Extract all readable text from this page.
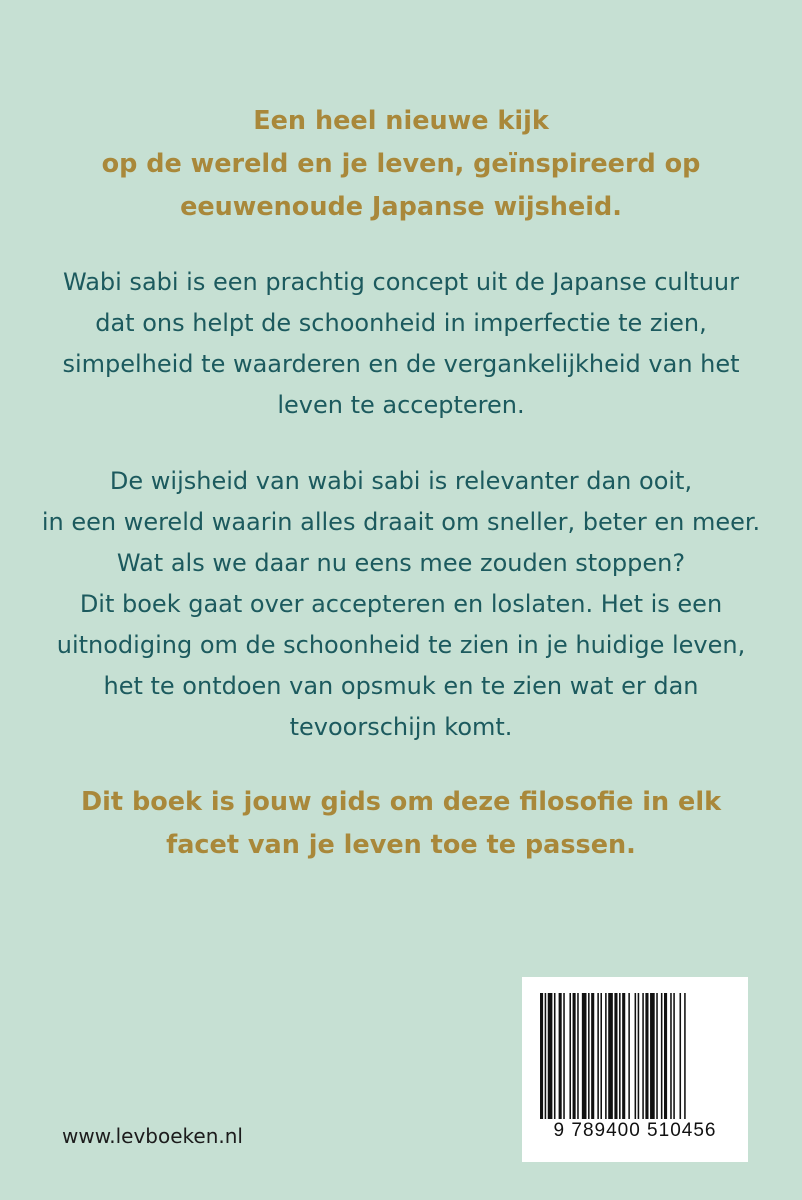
Een heel nieuwe kijk
op de wereld en je leven, geïnspireerd op
eeuwenoude Japanse wijsheid.
Wabi sabi is een prachtig concept uit de Japanse cultuur
dat ons helpt de schoonheid in imperfectie te zien,
simpelheid te waarderen en de vergankelijkheid van het
leven te accepteren.
De wijsheid van wabi sabi is relevanter dan ooit,
in een wereld waarin alles draait om sneller, beter en meer.
Wat als we daar nu eens mee zouden stoppen?
Dit boek gaat over accepteren en loslaten. Het is een
uitnodiging om de schoonheid te zien in je huidige leven,
het te ontdoen van opsmuk en te zien wat er dan
tevoorschijn komt.
Dit boek is jouw gids om deze filosofie in elk
facet van je leven toe te passen.
www.levboeken.nl	9 789400 510456
